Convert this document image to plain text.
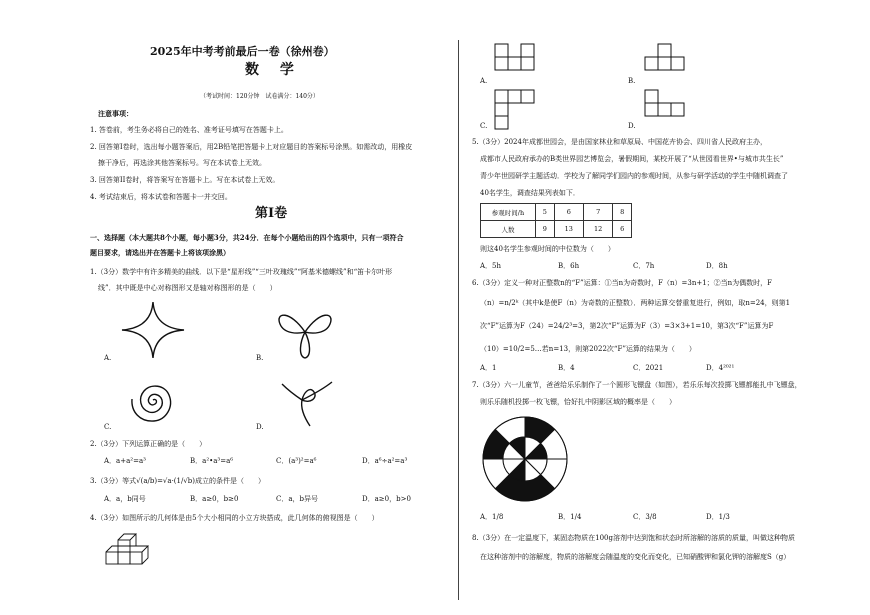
2025年中考考前最后一卷（徐州卷）
数 学
（考试时间：120分钟　试卷满分：140分）
注意事项：
1. 答卷前，考生务必将自己的姓名、准考证号填写在答题卡上。
2. 回答第I卷时，选出每小题答案后，用2B铅笔把答题卡上对应题目的答案标号涂黑。如需改动，用橡皮
擦干净后，再选涂其他答案标号。写在本试卷上无效。
3. 回答第II卷时，将答案写在答题卡上。写在本试卷上无效。
4. 考试结束后，将本试卷和答题卡一并交回。
第I卷
一、选择题（本大题共8个小题，每小题3分，共24分．在每个小题给出的四个选项中，只有一项符合
题目要求，请选出并在答题卡上将该项涂黑）
1.（3分）数学中有许多精美的曲线．以下是“星形线”“三叶玫瑰线”“阿基米德螺线”和“笛卡尔叶形
线”．其中既是中心对称图形又是轴对称图形的是（　　）
A.	B.
C.	D.
2.（3分）下列运算正确的是（　　）
A．a+a²=a³	B．a²•a³=a⁶	C．(a³)²=a⁶	D．a⁶÷a²=a³
3.（3分）等式√(a/b)=√a·(1/√b)成立的条件是（　　）
A．a，b同号	B．a≥0，b≥0	C．a，b异号	D．a≥0，b>0
4.（3分）如图所示的几何体是由5个大小相同的小立方块搭成，此几何体的俯视图是（　　）
A.	B.
C.	D.
5.（3分）2024年成都世园会，是由国家林业和草原局、中国花卉协会、四川省人民政府主办，
成都市人民政府承办的B类世界园艺博览会，暑假期间，某校开展了“从世园看世界•与城市共生长”
青少年世园研学主题活动．学校为了解同学们园内的参观时间，从参与研学活动的学生中随机调查了
40名学生，调查结果列表如下．
参观时间/h	5	6	7	8
人数	9	13	12	6
则这40名学生参观时间的中位数为（　　）
A．5h	B．6h	C．7h	D．8h
6.（3分）定义一种对正整数n的“F”运算：①当n为奇数时，F（n）=3n+1；②当n为偶数时，F
（n）=n/2ᵏ（其中k是使F（n）为奇数的正整数）．两种运算交替重复进行，例如，取n=24，则第1
次“F”运算为F（24）=24/2³=3，第2次“F”运算为F（3）=3×3+1=10，第3次“F”运算为F
（10）=10/2=5…若n=13，则第2022次“F”运算的结果为（　　）
A．1	B．4	C．2021	D．4²⁰²¹
7.（3分）六一儿童节，爸爸给乐乐制作了一个圆形飞镖盘（如图），若乐乐每次投掷飞镖都能扎中飞镖盘，
则乐乐随机投掷一枚飞镖，恰好扎中阴影区域的概率是（　　）
A．1/8	B．1/4	C．3/8	D．1/3
8.（3分）在一定温度下，某固态物质在100g溶剂中达到饱和状态时所溶解的溶质的质量，叫做这种物质
在这种溶剂中的溶解度，物质的溶解度会随温度的变化而变化，已知硝酸钾和氯化钾的溶解度S（g）
